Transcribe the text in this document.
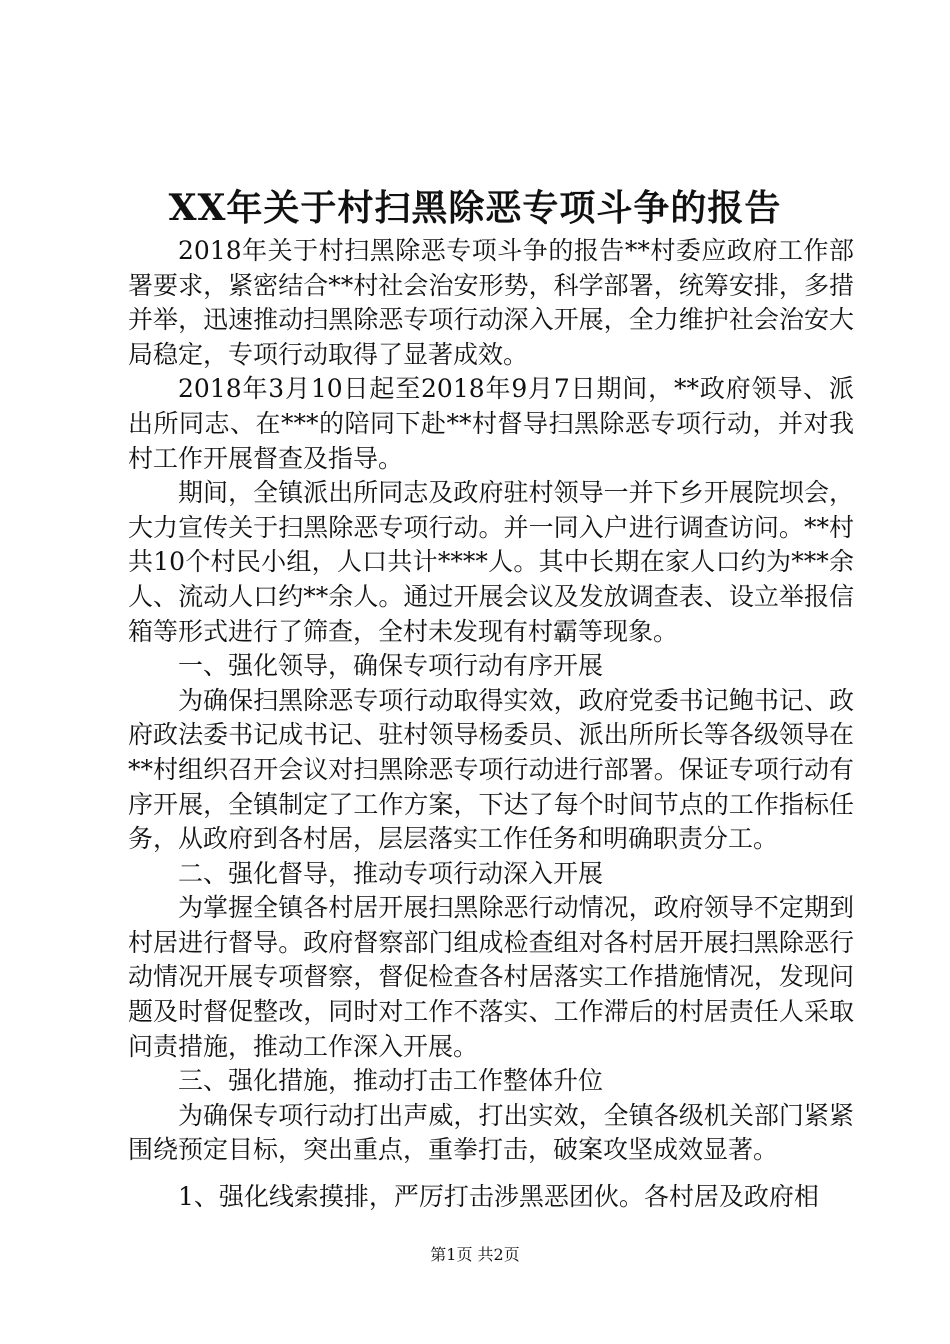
XX年关于村扫黑除恶专项斗争的报告

2018年关于村扫黑除恶专项斗争的报告**村委应政府工作部署要求，紧密结合**村社会治安形势，科学部署，统筹安排，多措并举，迅速推动扫黑除恶专项行动深入开展，全力维护社会治安大局稳定，专项行动取得了显著成效。

2018年3月10日起至2018年9月7日期间，**政府领导、派出所同志、在***的陪同下赴**村督导扫黑除恶专项行动，并对我村工作开展督查及指导。

期间，全镇派出所同志及政府驻村领导一并下乡开展院坝会，大力宣传关于扫黑除恶专项行动。并一同入户进行调查访问。**村共10个村民小组，人口共计****人。其中长期在家人口约为***余人、流动人口约**余人。通过开展会议及发放调查表、设立举报信箱等形式进行了筛查，全村未发现有村霸等现象。

一、强化领导，确保专项行动有序开展

为确保扫黑除恶专项行动取得实效，政府党委书记鲍书记、政府政法委书记成书记、驻村领导杨委员、派出所所长等各级领导在**村组织召开会议对扫黑除恶专项行动进行部署。保证专项行动有序开展，全镇制定了工作方案，下达了每个时间节点的工作指标任务，从政府到各村居，层层落实工作任务和明确职责分工。

二、强化督导，推动专项行动深入开展

为掌握全镇各村居开展扫黑除恶行动情况，政府领导不定期到村居进行督导。政府督察部门组成检查组对各村居开展扫黑除恶行动情况开展专项督察，督促检查各村居落实工作措施情况，发现问题及时督促整改，同时对工作不落实、工作滞后的村居责任人采取问责措施，推动工作深入开展。

三、强化措施，推动打击工作整体升位

为确保专项行动打出声威，打出实效，全镇各级机关部门紧紧围绕预定目标，突出重点，重拳打击，破案攻坚成效显著。

1、强化线索摸排，严厉打击涉黑恶团伙。各村居及政府相

第1页 共2页
